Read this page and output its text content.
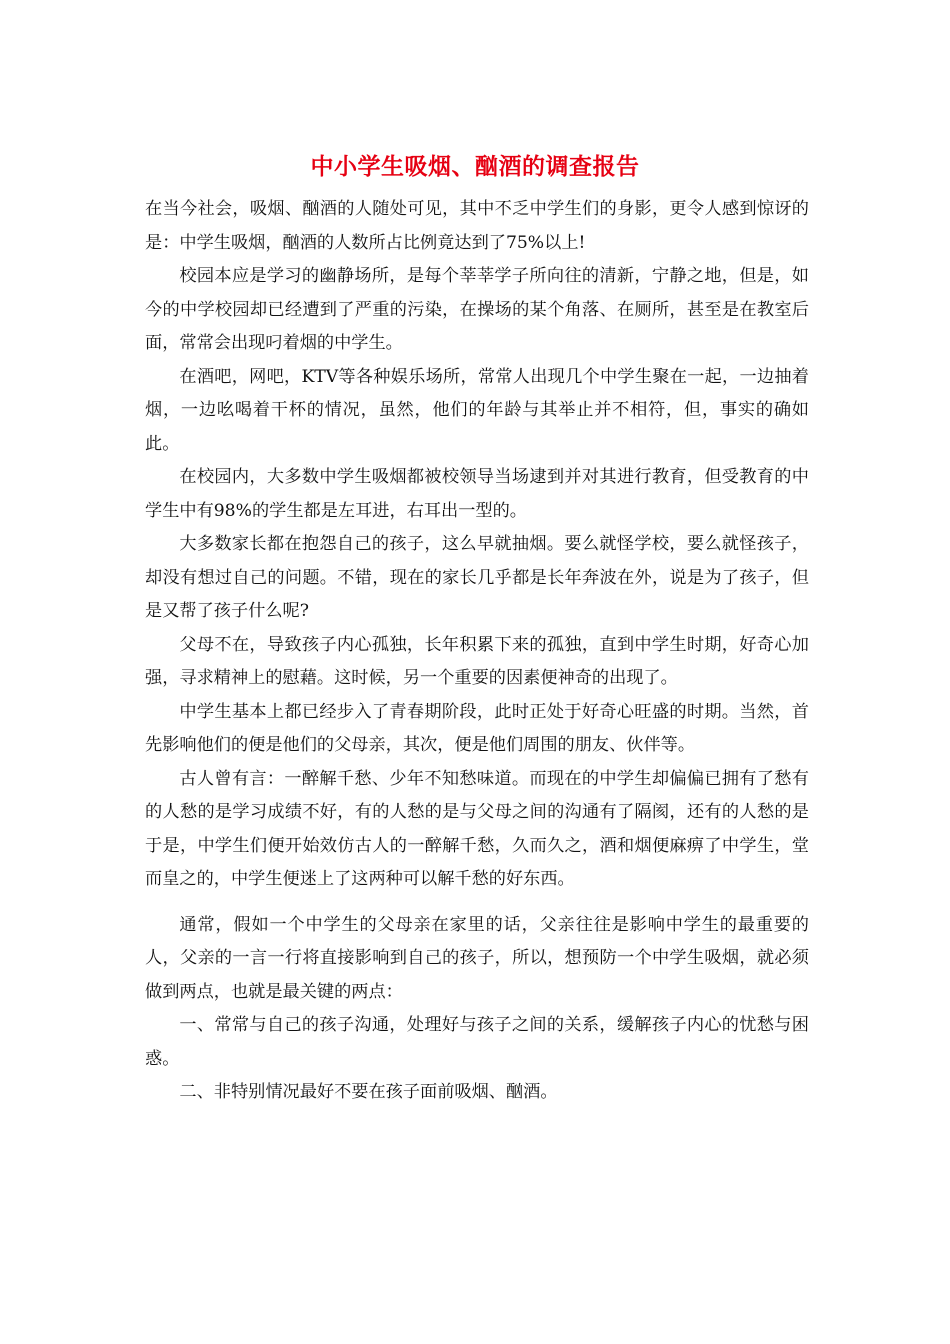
中小学生吸烟、酗酒的调查报告

在当今社会，吸烟、酗酒的人随处可见，其中不乏中学生们的身影，更令人感到惊讶的是：中学生吸烟，酗酒的人数所占比例竟达到了75%以上!

校园本应是学习的幽静场所，是每个莘莘学子所向往的清新，宁静之地，但是，如今的中学校园却已经遭到了严重的污染，在操场的某个角落、在厕所，甚至是在教室后面，常常会出现叼着烟的中学生。

在酒吧，网吧，KTV等各种娱乐场所，常常人出现几个中学生聚在一起，一边抽着烟，一边吆喝着干杯的情况，虽然，他们的年龄与其举止并不相符，但，事实的确如此。

在校园内，大多数中学生吸烟都被校领导当场逮到并对其进行教育，但受教育的中学生中有98%的学生都是左耳进，右耳出一型的。

大多数家长都在抱怨自己的孩子，这么早就抽烟。要么就怪学校，要么就怪孩子，却没有想过自己的问题。不错，现在的家长几乎都是长年奔波在外，说是为了孩子，但是又帮了孩子什么呢?

父母不在，导致孩子内心孤独，长年积累下来的孤独，直到中学生时期，好奇心加强，寻求精神上的慰藉。这时候，另一个重要的因素便神奇的出现了。

中学生基本上都已经步入了青春期阶段，此时正处于好奇心旺盛的时期。当然，首先影响他们的便是他们的父母亲，其次，便是他们周围的朋友、伙伴等。

古人曾有言：一醉解千愁、少年不知愁味道。而现在的中学生却偏偏已拥有了愁有的人愁的是学习成绩不好，有的人愁的是与父母之间的沟通有了隔阂，还有的人愁的是于是，中学生们便开始效仿古人的一醉解千愁，久而久之，酒和烟便麻痹了中学生，堂而皇之的，中学生便迷上了这两种可以解千愁的好东西。

通常，假如一个中学生的父母亲在家里的话，父亲往往是影响中学生的最重要的人，父亲的一言一行将直接影响到自己的孩子，所以，想预防一个中学生吸烟，就必须做到两点，也就是最关键的两点：

一、常常与自己的孩子沟通，处理好与孩子之间的关系，缓解孩子内心的忧愁与困惑。

二、非特别情况最好不要在孩子面前吸烟、酗酒。
